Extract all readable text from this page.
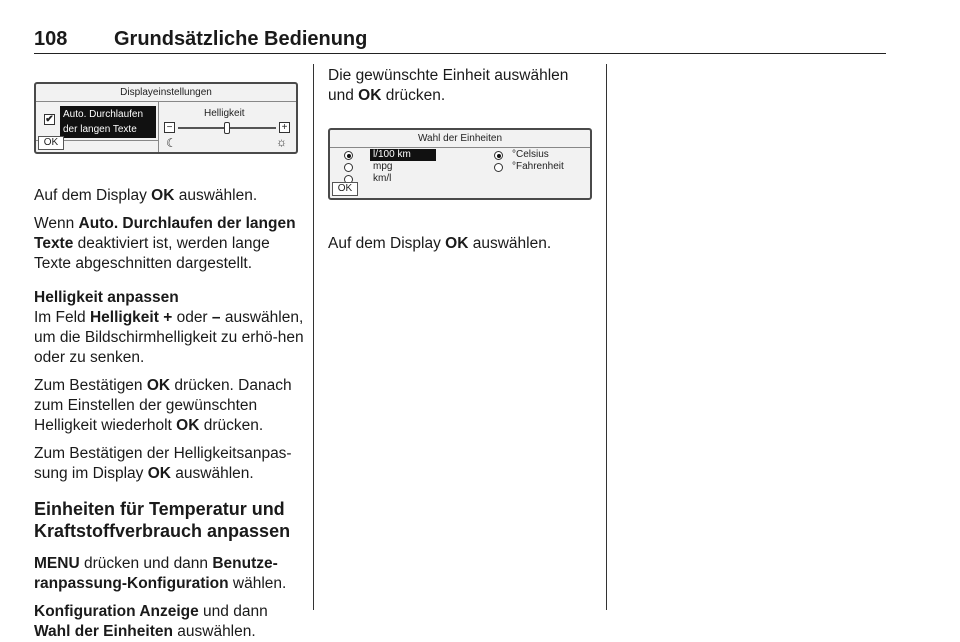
108 Grundsätzliche Bedienung
Displayeinstellungen
✔ Auto. Durchlaufen
der langen Texte
Helligkeit
−	+
☾	☼
OK

Auf dem Display OK auswählen.

Wenn Auto. Durchlaufen der langen Texte deaktiviert ist, werden lange Texte abgeschnitten dargestellt.

Helligkeit anpassen

Im Feld Helligkeit + oder – auswählen, um die Bildschirmhelligkeit zu erhö-hen oder zu senken.

Zum Bestätigen OK drücken. Danach zum Einstellen der gewünschten Helligkeit wiederholt OK drücken.

Zum Bestätigen der Helligkeitsanpas-sung im Display OK auswählen.

Einheiten für Temperatur und Kraftstoffverbrauch anpassen

MENU drücken und dann Benutze-ranpassung-Konfiguration wählen.

Konfiguration Anzeige und dann Wahl der Einheiten auswählen.

Die gewünschte Einheit auswählen und OK drücken.

Wahl der Einheiten
l/100 km
mpg
km/l
°Celsius
°Fahrenheit
OK

Auf dem Display OK auswählen.
